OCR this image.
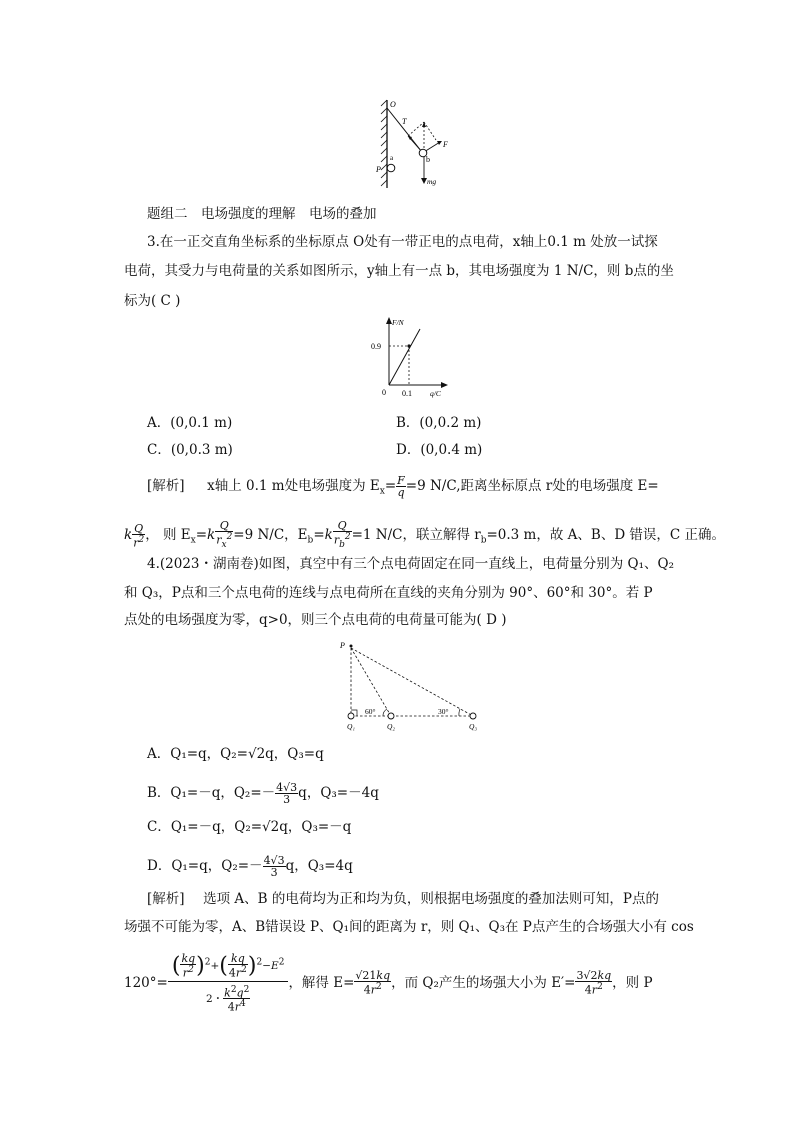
O
T
F
b
a
P
mg
题组二　电场强度的理解　电场的叠加
3.在一正交直角坐标系的坐标原点 O处有一带正电的点电荷，x轴上0.1 m 处放一试探
电荷，其受力与电荷量的关系如图所示，y轴上有一点 b，其电场强度为 1 N/C，则 b点的坐
标为( C )
F/N
0.9
0 0.1 q/C
A．(0,0.1 m)	B．(0,0.2 m)
C．(0,0.3 m)	D．(0,0.4 m)
[解析] x轴上 0.1 m处电场强度为 $E_x= \frac{F}{q} =9$ N/C,距离坐标原点 r处的电场强度 E=
k $\frac{Q}{r^2}$ ， 则 $E_x=k \frac{Q}{r_x^2} =9$ N/C，$E_b=k \frac{Q}{r_b^2} =1$ N/C，联立解得 $r_b=0.3$ m，故 A、B、D 错误，C 正确。
4.(2023・湖南卷)如图，真空中有三个点电荷固定在同一直线上，电荷量分别为 Q₁、Q₂
和 Q₃，P点和三个点电荷的连线与点电荷所在直线的夹角分别为 90°、60°和 30°。若 P
点处的电场强度为零，q>0，则三个点电荷的电荷量可能为( D )
P
60°	30°
Q₁	Q₂	Q₃
A．Q₁=q，Q₂=√2q，Q₃=q
B．Q₁=－q，$Q_2=- \frac{4√3}{3}$ q，Q₃=－4q
C．Q₁=－q，Q₂=√2q，Q₃=－q
D．Q₁=q，$Q_2=- \frac{4√3}{3}$ q，Q₃=4q
[解析] 选项 A、B 的电荷均为正和均为负，则根据电场强度的叠加法则可知，P点的
场强不可能为零，A、B错误设 P、Q₁间的距离为 r，则 Q₁、Q₃在 P点产生的合场强大小有 cos
$120^\circ= \frac{( \frac{kq}{r^2} )^2+( \frac{kq}{4r^2} )^2-E^2}{2・ \frac{k^2q^2}{4r^4}}$ ，解得 $E= \frac{√21kq}{4r^2}$ ，而 Q₂产生的场强大小为 $E'= \frac{3√2kq}{4r^2}$ ，则 P
